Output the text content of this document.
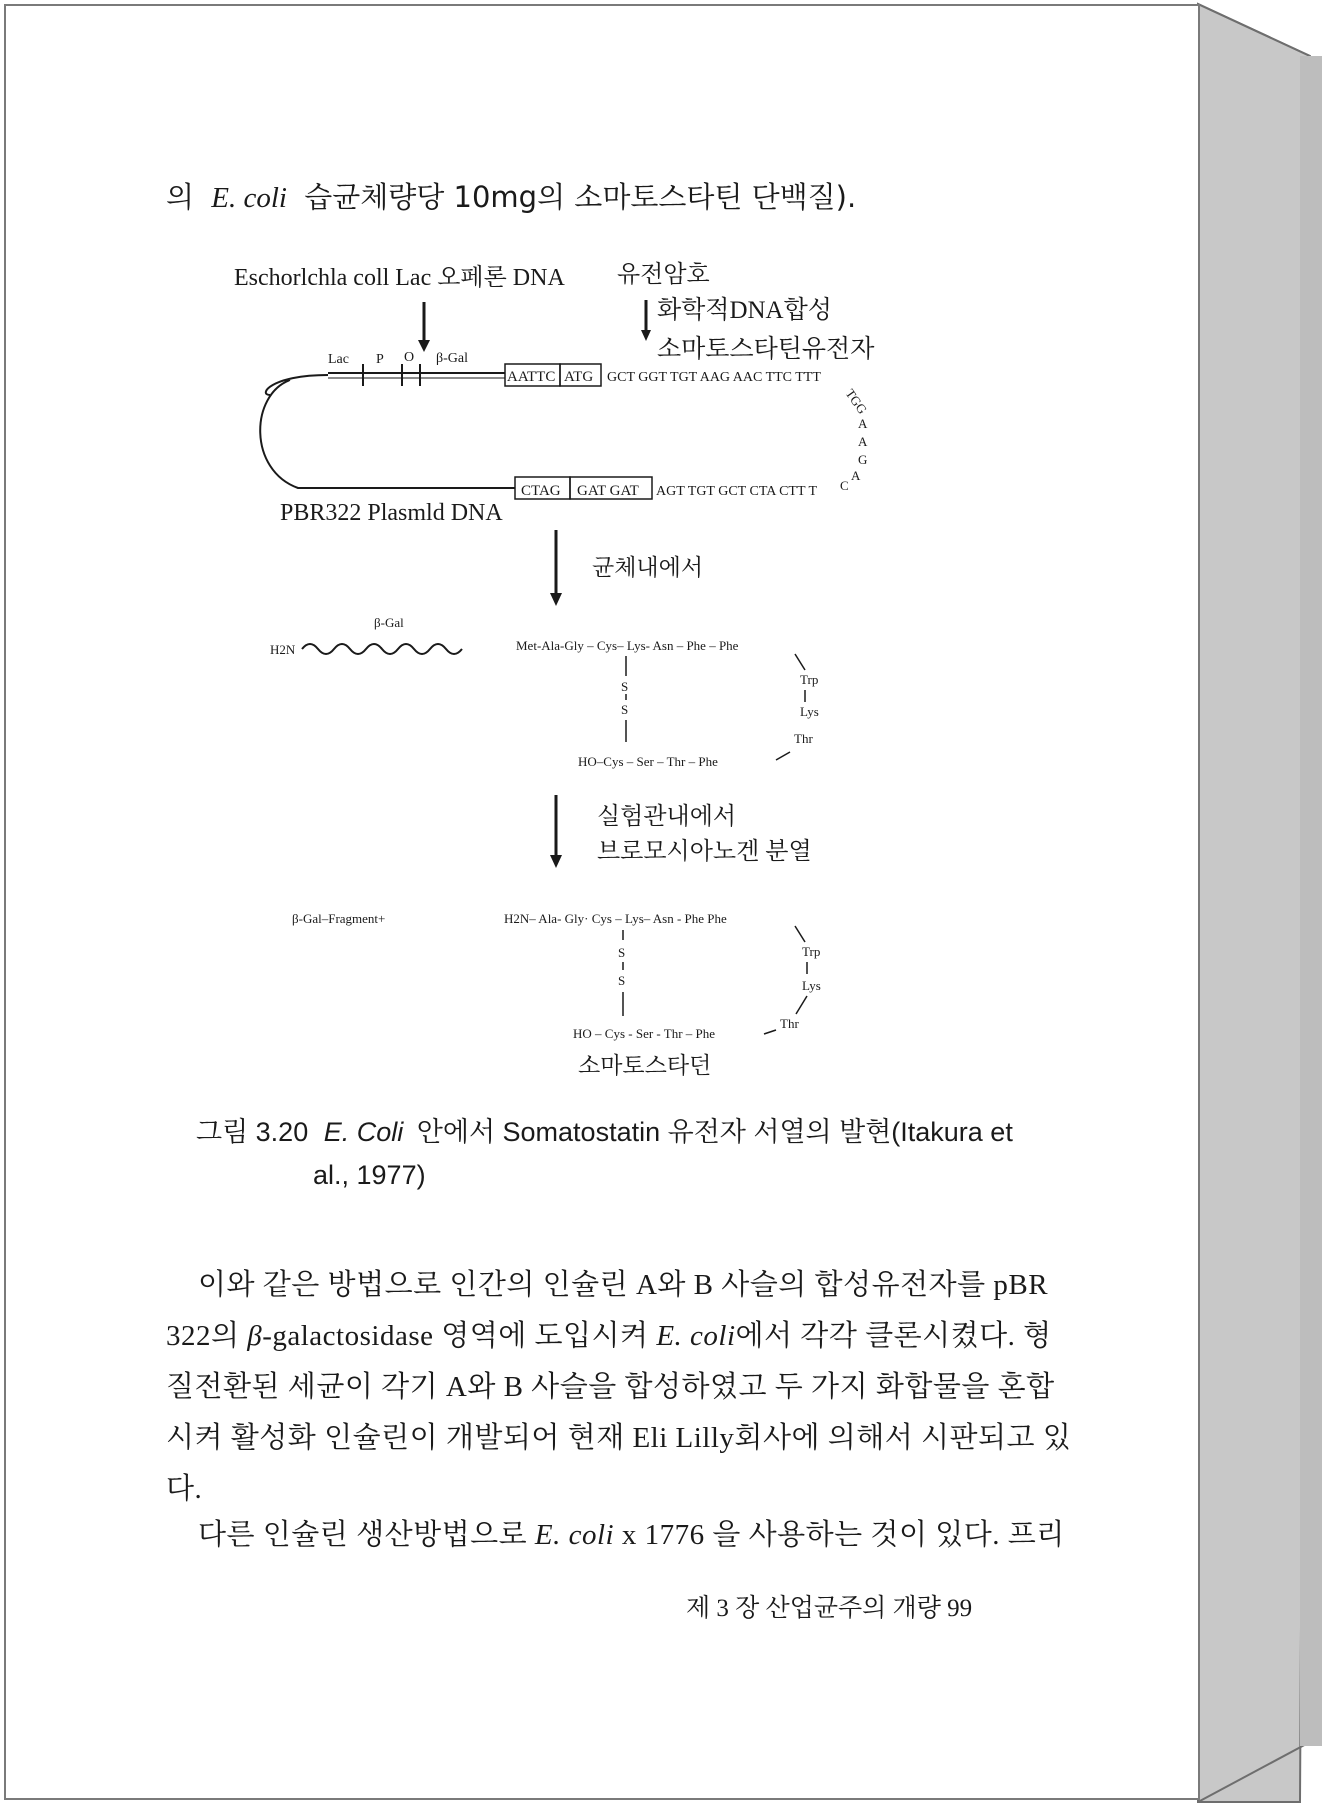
의 E. coli 습균체량당 10mg의 소마토스타틴 단백질).
Eschorlchla coll Lac 오페론 DNA 유전암호
화학적DNA합성
소마토스타틴유전자
Lac P O β-Gal
AATTC ATG GCT GGT TGT AAG AAC TTC TTT
TGG
A
A
G
A
C
CTAG GAT GAT AGT TGT GCT CTA CTT T
PBR322 Plasmld DNA
균체내에서
β-Gal
H2N	Met-Ala-Gly – Cys– Lys- Asn – Phe – Phe
S
S
Trp
Lys
Thr
HO–Cys – Ser – Thr – Phe
실험관내에서
브로모시아노겐 분열
β-Gal–Fragment+	H2N– Ala- Gly· Cys – Lys– Asn - Phe Phe
S
S
Trp
Lys
Thr
HO – Cys - Ser - Thr – Phe
소마토스타던
그림 3.20 E. Coli 안에서 Somatostatin 유전자 서열의 발현(Itakura et
al., 1977)
이와 같은 방법으로 인간의 인슐린 A와 B 사슬의 합성유전자를 pBR
322의 β-galactosidase 영역에 도입시켜 E. coli에서 각각 클론시켰다. 형
질전환된 세균이 각기 A와 B 사슬을 합성하였고 두 가지 화합물을 혼합
시켜 활성화 인슐린이 개발되어 현재 Eli Lilly회사에 의해서 시판되고 있
다.
다른 인슐린 생산방법으로 E. coli x 1776 을 사용하는 것이 있다. 프리
제 3 장 산업균주의 개량 99
